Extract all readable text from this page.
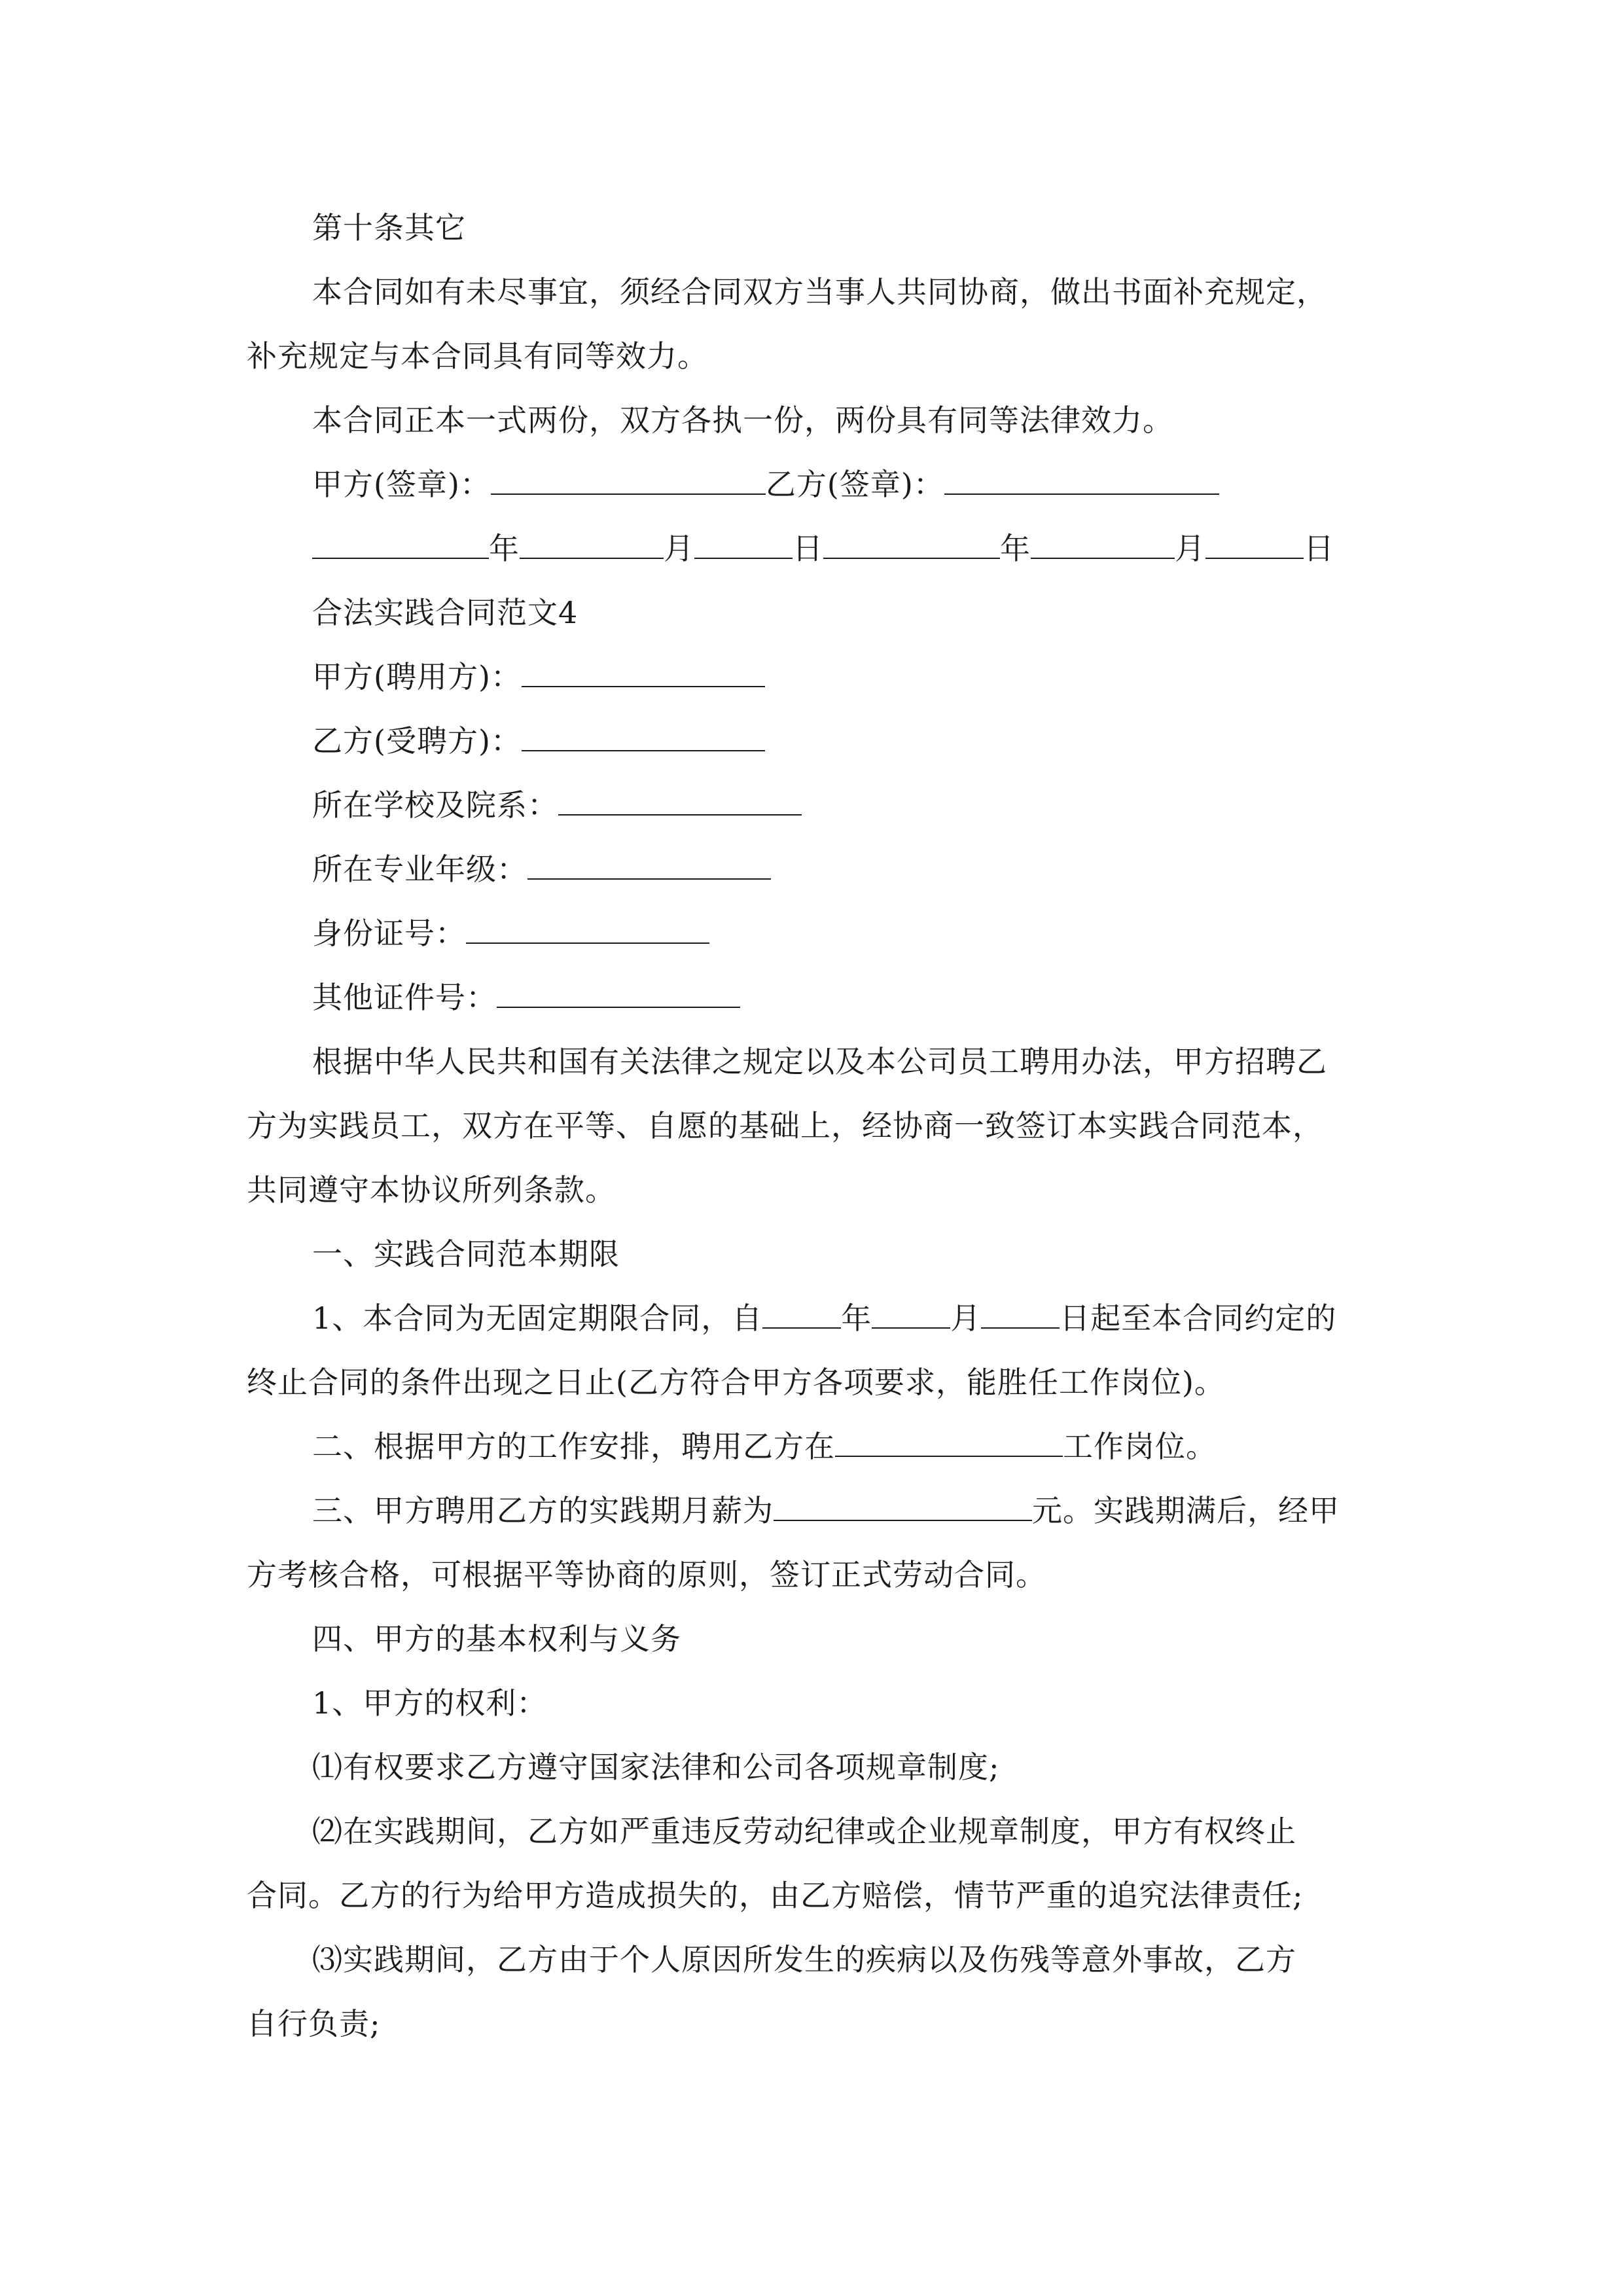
第十条其它
本合同如有未尽事宜，须经合同双方当事人共同协商，做出书面补充规定，
补充规定与本合同具有同等效力。
本合同正本一式两份，双方各执一份，两份具有同等法律效力。
甲方(签章)：	乙方(签章)：
年	月	日	年	月	日
合法实践合同范文4
甲方(聘用方)：
乙方(受聘方)：
所在学校及院系：
所在专业年级：
身份证号：
其他证件号：
根据中华人民共和国有关法律之规定以及本公司员工聘用办法，甲方招聘乙
方为实践员工，双方在平等、自愿的基础上，经协商一致签订本实践合同范本，
共同遵守本协议所列条款。
一、实践合同范本期限
1、本合同为无固定期限合同，自	年	月	日起至本合同约定的
终止合同的条件出现之日止(乙方符合甲方各项要求，能胜任工作岗位)。
二、根据甲方的工作安排，聘用乙方在	工作岗位。
三、甲方聘用乙方的实践期月薪为	元。实践期满后，经甲
方考核合格，可根据平等协商的原则，签订正式劳动合同。
四、甲方的基本权利与义务
1、甲方的权利：
⑴有权要求乙方遵守国家法律和公司各项规章制度;
⑵在实践期间，乙方如严重违反劳动纪律或企业规章制度，甲方有权终止
合同。乙方的行为给甲方造成损失的，由乙方赔偿，情节严重的追究法律责任;
⑶实践期间，乙方由于个人原因所发生的疾病以及伤残等意外事故，乙方
自行负责;
